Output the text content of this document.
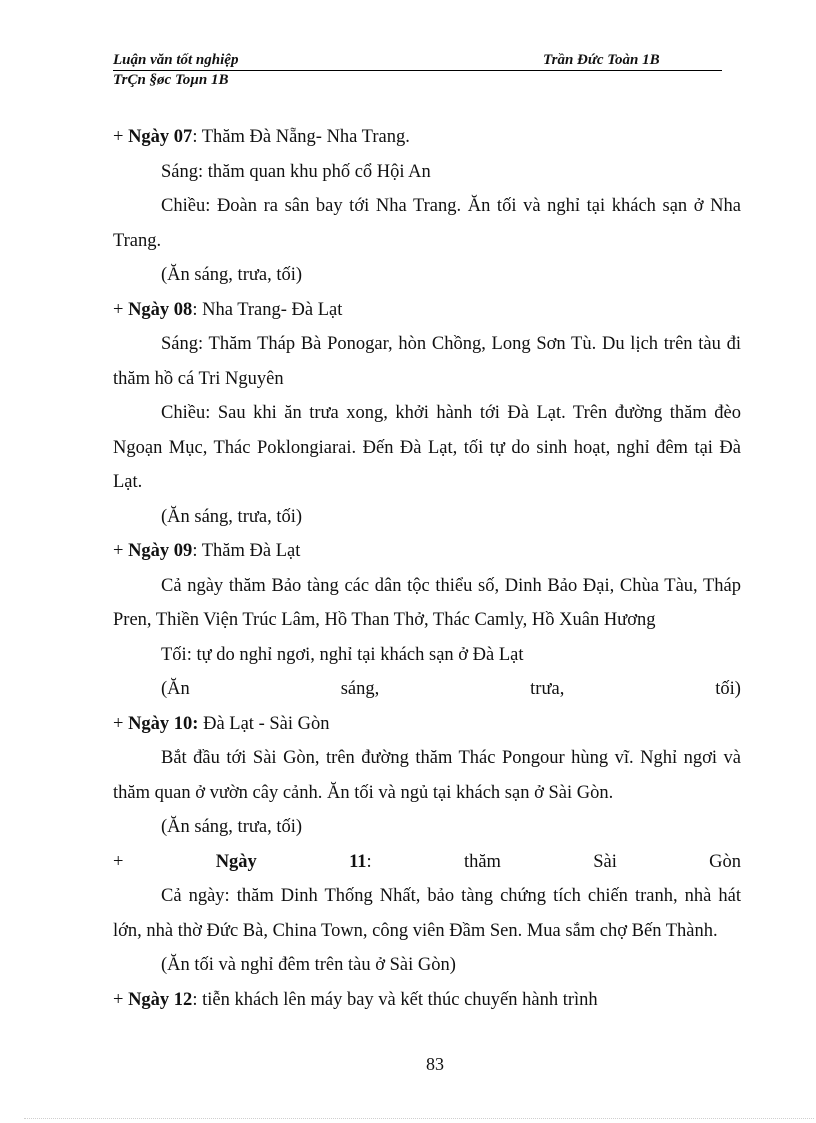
Luận văn tốt nghiệp	Trần Đức Toàn 1B
TrÇn §øc Toµn 1B
+ Ngày 07: Thăm Đà Nẵng- Nha Trang.
Sáng: thăm quan khu phố cổ Hội An
Chiều: Đoàn ra sân bay tới Nha Trang. Ăn tối và nghỉ tại khách sạn ở Nha Trang.
(Ăn sáng, trưa, tối)
+ Ngày 08: Nha Trang- Đà Lạt
Sáng: Thăm Tháp Bà Ponogar, hòn Chồng, Long Sơn Tù. Du lịch trên tàu đi thăm hồ cá Tri Nguyên
Chiều: Sau khi ăn trưa xong, khởi hành tới Đà Lạt. Trên đường thăm đèo Ngoạn Mục, Thác Poklongiarai. Đến Đà Lạt, tối tự do sinh hoạt, nghỉ đêm tại Đà Lạt.
(Ăn sáng, trưa, tối)
+ Ngày 09: Thăm Đà Lạt
Cả ngày thăm Bảo tàng các dân tộc thiểu số, Dinh Bảo Đại, Chùa Tàu, Tháp Pren, Thiền Viện Trúc Lâm, Hồ Than Thở, Thác Camly, Hồ Xuân Hương
Tối: tự do nghỉ ngơi, nghỉ tại khách sạn ở Đà Lạt
(Ăn	sáng,	trưa,	tối)
+ Ngày 10: Đà Lạt - Sài Gòn
Bắt đầu tới Sài Gòn, trên đường thăm Thác Pongour hùng vĩ. Nghỉ ngơi và thăm quan ở vườn cây cảnh. Ăn tối và ngủ tại khách sạn ở Sài Gòn.
(Ăn sáng, trưa, tối)
+	Ngày	11:	thăm	Sài	Gòn
Cả ngày: thăm Dinh Thống Nhất, bảo tàng chứng tích chiến tranh, nhà hát lớn, nhà thờ Đức Bà, China Town, công viên Đầm Sen. Mua sắm chợ Bến Thành.
(Ăn tối và nghỉ đêm trên tàu ở Sài Gòn)
+ Ngày 12: tiễn khách lên máy bay và kết thúc chuyến hành trình
83
